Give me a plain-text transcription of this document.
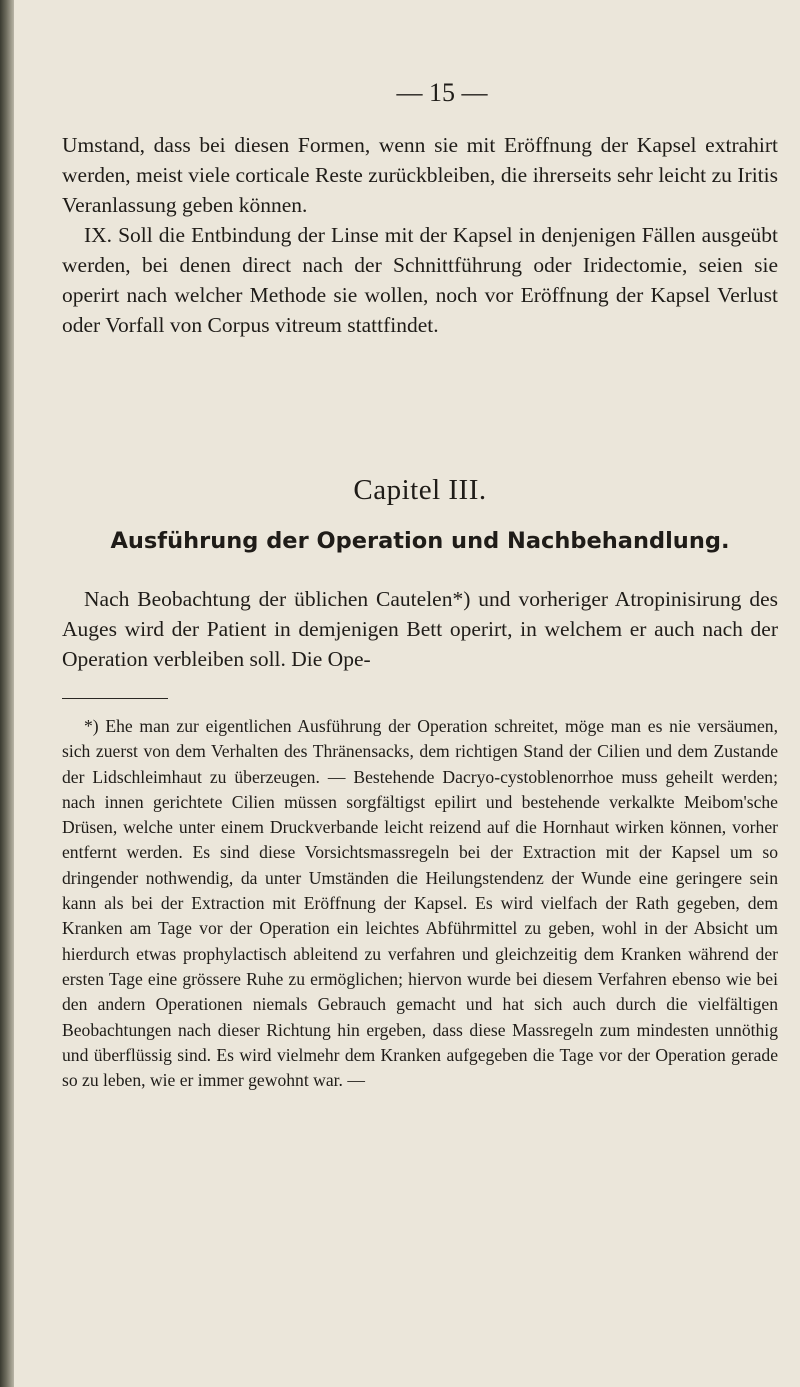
— 15 —

Umstand, dass bei diesen Formen, wenn sie mit Eröffnung der Kapsel extrahirt werden, meist viele corticale Reste zurückbleiben, die ihrerseits sehr leicht zu Iritis Veranlassung geben können.

IX. Soll die Entbindung der Linse mit der Kapsel in denjenigen Fällen ausgeübt werden, bei denen direct nach der Schnittführung oder Iridectomie, seien sie operirt nach welcher Methode sie wollen, noch vor Eröffnung der Kapsel Verlust oder Vorfall von Corpus vitreum stattfindet.

Capitel III.
Ausführung der Operation und Nachbehandlung.

Nach Beobachtung der üblichen Cautelen*) und vorheriger Atropinisirung des Auges wird der Patient in demjenigen Bett operirt, in welchem er auch nach der Operation verbleiben soll. Die Ope-

*) Ehe man zur eigentlichen Ausführung der Operation schreitet, möge man es nie versäumen, sich zuerst von dem Verhalten des Thränensacks, dem richtigen Stand der Cilien und dem Zustande der Lidschleimhaut zu überzeugen. — Bestehende Dacryo-cystoblenorrhoe muss geheilt werden; nach innen gerichtete Cilien müssen sorgfältigst epilirt und bestehende verkalkte Meibom'sche Drüsen, welche unter einem Druckverbande leicht reizend auf die Hornhaut wirken können, vorher entfernt werden. Es sind diese Vorsichtsmassregeln bei der Extraction mit der Kapsel um so dringender nothwendig, da unter Umständen die Heilungstendenz der Wunde eine geringere sein kann als bei der Extraction mit Eröffnung der Kapsel. Es wird vielfach der Rath gegeben, dem Kranken am Tage vor der Operation ein leichtes Abführmittel zu geben, wohl in der Absicht um hierdurch etwas prophylactisch ableitend zu verfahren und gleichzeitig dem Kranken während der ersten Tage eine grössere Ruhe zu ermöglichen; hiervon wurde bei diesem Verfahren ebenso wie bei den andern Operationen niemals Gebrauch gemacht und hat sich auch durch die vielfältigen Beobachtungen nach dieser Richtung hin ergeben, dass diese Massregeln zum mindesten unnöthig und überflüssig sind. Es wird vielmehr dem Kranken aufgegeben die Tage vor der Operation gerade so zu leben, wie er immer gewohnt war. —
